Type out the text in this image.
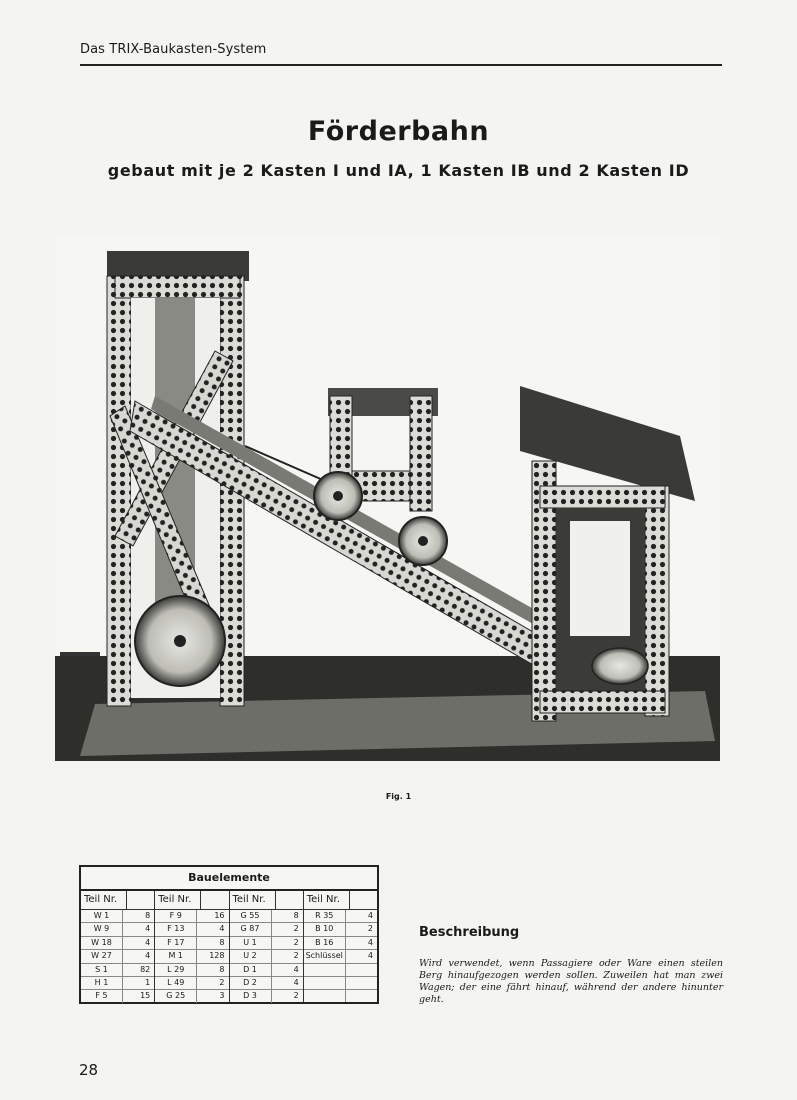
Das TRIX-Baukasten-System
Förderbahn
gebaut mit je 2 Kasten I und IA, 1 Kasten IB und 2 Kasten ID
Fig. 1
Bauelemente
Teil Nr.
W 1	8
W 9	4
W 18	4
W 27	4
S 1	82
H 1	1
F 5	15
Teil Nr.
F 9	16
F 13	4
F 17	8
M 1	128
L 29	8
L 49	2
G 25	3
Teil Nr.
G 55	8
G 87	2
U 1	2
U 2	2
D 1	4
D 2	4
D 3	2
Teil Nr.
R 35	4
B 10	2
B 16	4
Schlüssel	4
Beschreibung
Wird verwendet, wenn Passagiere oder Ware einen steilen Berg hinaufgezogen werden sollen. Zuweilen hat man zwei Wagen; der eine fährt hinauf, während der andere hinunter geht.
28
